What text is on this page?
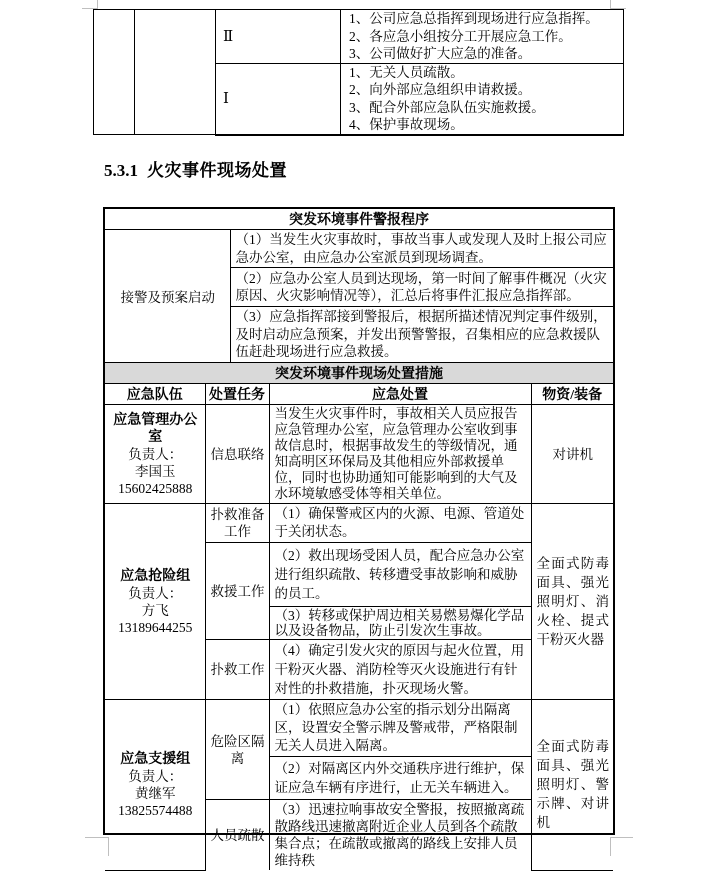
		Ⅱ	1、公司应急总指挥到现场进行应急指挥。
2、各应急小组按分工开展应急工作。
3、公司做好扩大应急的准备。

		Ⅰ	1、无关人员疏散。
2、向外部应急组织申请救援。
3、配合外部应急队伍实施救援。
4、保护事故现场。
5.3.1 火灾事件现场处置
突发环境事件警报程序
接警及预案启动	（1）当发生火灾事故时，事故当事人或发现人及时上报公司应急办公室，由应急办公室派员到现场调查。
（2）应急办公室人员到达现场，第一时间了解事件概况（火灾原因、火灾影响情况等），汇总后将事件汇报应急指挥部。
（3）应急指挥部接到警报后，根据所描述情况判定事件级别，及时启动应急预案，并发出预警警报，召集相应的应急救援队伍赶赴现场进行应急救援。
突发环境事件现场处置措施			
应急队伍	处置任务	应急处置	物资/装备

应急管理办公室
负责人：
李国玉
15602425888	信息联络	当发生火灾事件时，事故相关人员应报告应急管理办公室，应急管理办公室收到事故信息时，根据事故发生的等级情况，通知高明区环保局及其他相应外部救援单位，同时也协助通知可能影响到的大气及水环境敏感受体等相关单位。	对讲机

应急抢险组
负责人：
方飞
13189644255	扑救准备工作	（1）确保警戒区内的火源、电源、管道处于关闭状态。	全面式防毒面具、强光照明灯、消火栓、提式干粉灭火器
	救援工作	（2）救出现场受困人员，配合应急办公室进行组织疏散、转移遭受事故影响和威胁的员工。	
		（3）转移或保护周边相关易燃易爆化学品以及设备物品，防止引发次生事故。	
	扑救工作	（4）确定引发火灾的原因与起火位置，用干粉灭火器、消防栓等灭火设施进行有针对性的扑救措施，扑灭现场火警。	

应急支援组
负责人：
黄继军
13825574488	危险区隔离	（1）依照应急办公室的指示划分出隔离区，设置安全警示牌及警戒带，严格限制无关人员进入隔离。	全面式防毒面具、强光照明灯、警示牌、对讲机
		（2）对隔离区内外交通秩序进行维护，保证应急车辆有序进行，止无关车辆进入。	
	人员疏散	（3）迅速拉响事故安全警报，按照撤离疏散路线迅速撤离附近企业人员到各个疏散集合点；在疏散或撤离的路线上安排人员维持秩	
